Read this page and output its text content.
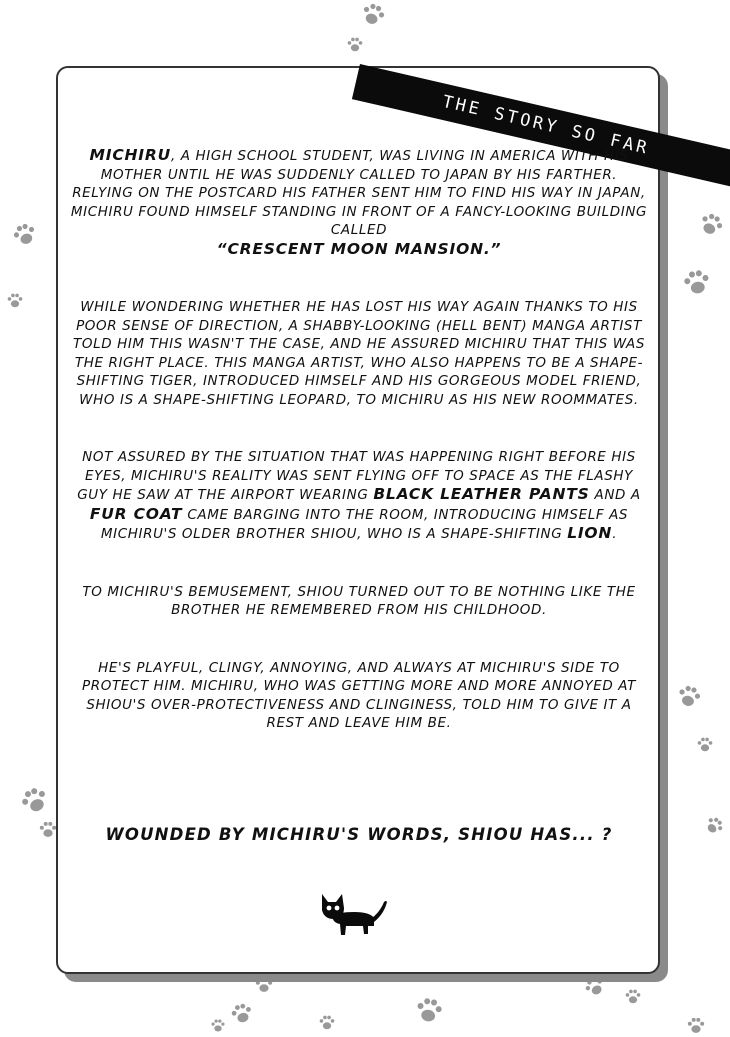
THE STORY SO FAR

MICHIRU, A HIGH SCHOOL STUDENT, WAS LIVING IN AMERICA WITH HIS MOTHER UNTIL HE WAS SUDDENLY CALLED TO JAPAN BY HIS FARTHER. RELYING ON THE POSTCARD HIS FATHER SENT HIM TO FIND HIS WAY IN JAPAN, MICHIRU FOUND HIMSELF STANDING IN FRONT OF A FANCY-LOOKING BUILDING CALLED
“CRESCENT MOON MANSION.”

WHILE WONDERING WHETHER HE HAS LOST HIS WAY AGAIN THANKS TO HIS POOR SENSE OF DIRECTION, A SHABBY-LOOKING (HELL BENT) MANGA ARTIST TOLD HIM THIS WASN'T THE CASE, AND HE ASSURED MICHIRU THAT THIS WAS THE RIGHT PLACE. THIS MANGA ARTIST, WHO ALSO HAPPENS TO BE A SHAPE-SHIFTING TIGER, INTRODUCED HIMSELF AND HIS GORGEOUS MODEL FRIEND, WHO IS A SHAPE-SHIFTING LEOPARD, TO MICHIRU AS HIS NEW ROOMMATES.

NOT ASSURED BY THE SITUATION THAT WAS HAPPENING RIGHT BEFORE HIS EYES, MICHIRU'S REALITY WAS SENT FLYING OFF TO SPACE AS THE FLASHY GUY HE SAW AT THE AIRPORT WEARING BLACK LEATHER PANTS AND A FUR COAT CAME BARGING INTO THE ROOM, INTRODUCING HIMSELF AS MICHIRU'S OLDER BROTHER SHIOU, WHO IS A SHAPE-SHIFTING LION.

TO MICHIRU'S BEMUSEMENT, SHIOU TURNED OUT TO BE NOTHING LIKE THE BROTHER HE REMEMBERED FROM HIS CHILDHOOD.

HE'S PLAYFUL, CLINGY, ANNOYING, AND ALWAYS AT MICHIRU'S SIDE TO PROTECT HIM. MICHIRU, WHO WAS GETTING MORE AND MORE ANNOYED AT SHIOU'S OVER-PROTECTIVENESS AND CLINGINESS, TOLD HIM TO GIVE IT A REST AND LEAVE HIM BE.

WOUNDED BY MICHIRU'S WORDS, SHIOU HAS... ?
